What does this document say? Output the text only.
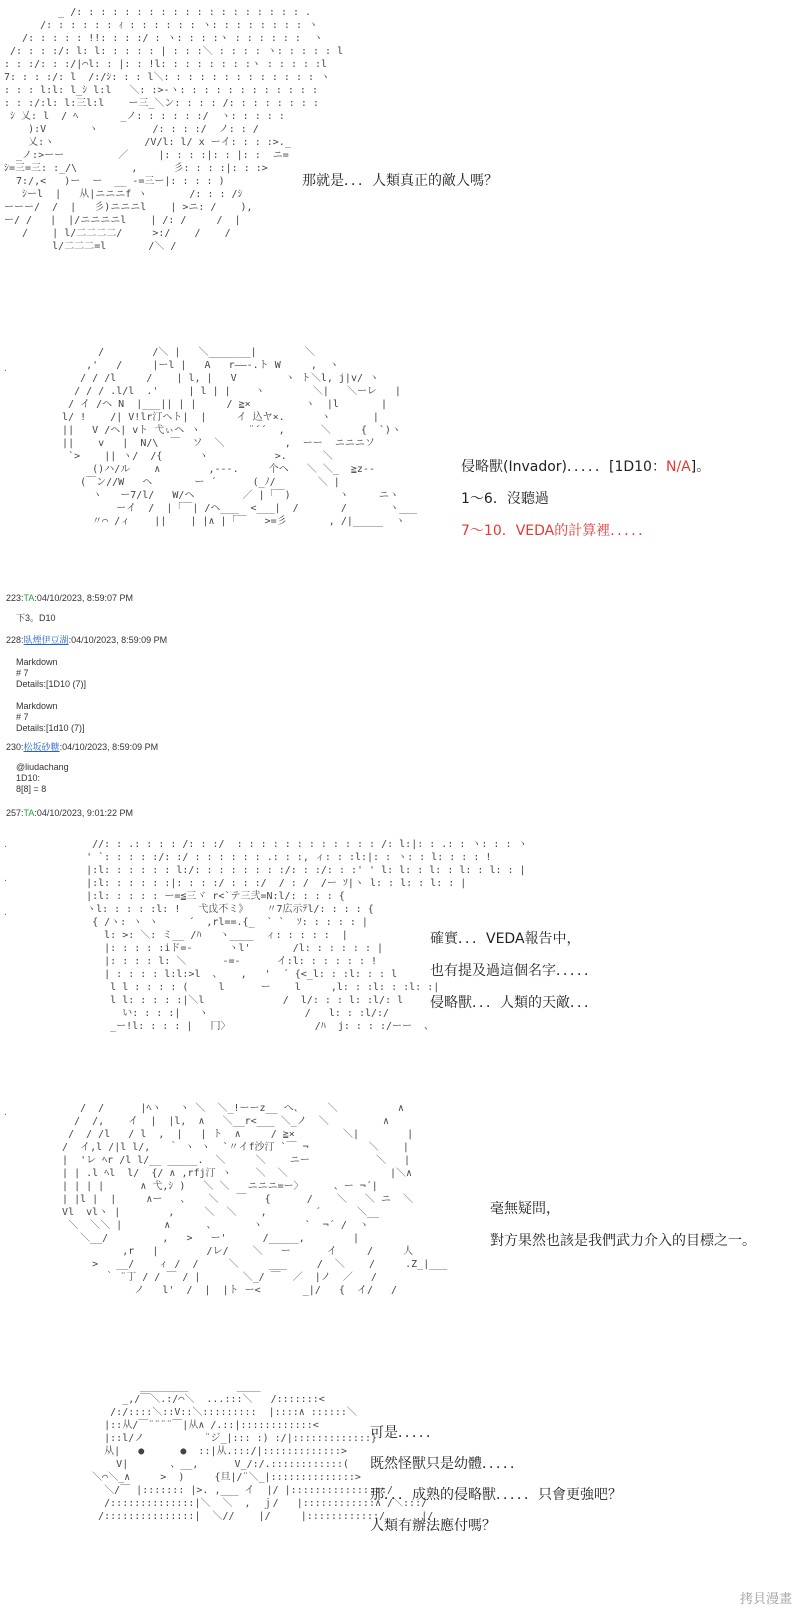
_ /: : : : : : : : : : : : : : : : : : : .
/: : : : : : ｨ : : : : : : ヽ: : : : : : : : ヽ
/: : : : : !!: : : :/ : ヽ: : : :ヽ : : : : : :  ヽ
/: : : :/: l: l: : : : : | : : :＼ : : : : ヽ: : : : : l
: : :/: : :/|⌒l: : |: : !l: : : : : : : :ヽ : : : : :l
7: : : :/: l  /:/ｼ: : : l＼: : : : : : : : : : : : : ヽ
: : : l:l: l_ｼ l:l   ＼: :>-ヽ: : : : : : : : : : : :
: : :/:l: l:三l:l    ー三_＼ン: : : : /: : : : : : : :
ｼ 乂: l  / ﾍ       _ノ: : : : : :/  ヽ: : : : :
):V       ヽ         /: : : :/  ノ: : /
乂:ヽ               /V/l: l/ x ーイ: : : :>._
_ノ:>ーー         ／     |: : : :|: : |: :  ニ=
ｼ=三=三: :_/\         ,      彡: : : :|: : :>
7:/,<   )ー  ー  __ -=三ー|: : : : )
ｼーl  |   从|ニニニf ヽ       /: : : /ｼ
ーーー/  /  |   彡)ニニニl    | >ニ: /    ),
ー/ /   |  |/ニニニニl    | /: /     /  |
/    | l/二二二二/     >:/    /    /
l/二二二=l       /＼ /
那就是．．．人類真正的敵人嗎？
.
/        /＼ |   ＼_______|        ＼
,'   /     |ーl |   A   r――-.ト W     ,  ヽ
/ / /l     /    | l, |   V        ヽ ト＼l, j|v/ ヽ
/ / / .l/l  .'     | l | |    ヽ        ＼|   ＼ーレ   |
/ イ /ヘ N  |___|| | |     / ≧×         ヽ  |l       |
l/ !    /| V!lr汀ヘト|  |     イ 込ヤ×.      ヽ       |
||   V /ヘ| vト 弋ぃヘ ヽ        ¨´´  ,      ＼     {  `)ヽ
||    v   |  N/\  ￣  ソ  ＼          ,  ーー  ニニニソ
`>    || ヽ/  /{      ヽ           >.      ＼
()ハ/ル    ∧        ,---.     个ヘ   ＼ ＼_  ≧z--
(￣ン//W   ヘ       ー ´      (_ﾉ/       ＼ |
ヽ   ー7/l/   W/ヘ        ／ |「￣)        ヽ     ニヽ
ーイ  /  |「￣| /ヘ___  <___|  /       /       ヽ___
〃⌒ /ィ    ||    | |∧ |「￣   >=彡       , /|_____  ヽ
侵略獸(Invador)．．．．．[1D10：N/A]。
1～6．沒聽過
7～10．VEDA的計算裡．．．．．
223:TA:04/10/2023, 8:59:07 PM
下3。D10
228:臥煙伊豆湖:04/10/2023, 8:59:09 PM
Markdown
# 7
Details:[1D10 (7)]

Markdown
# 7
Details:[1d10 (7)]
230:松坂砂糖:04/10/2023, 8:59:09 PM
@liudachang
1D10:
8[8] = 8
257:TA:04/10/2023, 9:01:22 PM
.
.
.
//: : .: : : : /: : :/  : : : : : : : : : : : : /: l:|: : .: : ヽ: : : ヽ
' `: : : : :/: :/ : : : : : : .: : :, ィ: : :l:|: : ヽ: : l: : : : !
|:l: : : : : : l:/: : : : : : : :/: : :/: : :' ' l: l: : l: : l: : l: : |
|:l: : : : : :|: : : :/ : : :/  / : /  /ー ｿ|ヽ l: : l: : l: : |
|:l: : : : : ー=≦三ヾ r<`テ三弐=N:l/: : : : {
ヽl: : : : :l: !   弋戉不ミ》   〃7広示ﾃl/: : : : {
{ /ヽ: ヽ ヽ     ´  ,rl==.{_  ` `  ｿ: : : : : |
l: >: ＼: ミ__ /ﾊ   ヽ____  ィ: : : : :  |
|: : : : :iド=-      ヽl'       /l: : : : : : |
|: : : : l: ＼      -=-      イ:l: : : : : : !
| : : : : l:l:>l  、   ,   '  ´ {<_l: : :l: : : l
l l : : : : (     l      ー    l     ,l: : :l: : :l: :|
l l: : : : :|＼l             /  l/: : : l: :l/: l
い: : : :|   ヽ                /   l: : :l/:/
_ー!l: : : : |   冂〉              /ﾊ  j: : : :/ーー  、
確實．．．VEDA報告中，
也有提及過這個名字．．．．．
侵略獸．．．人類的天敵．．．
.	/  /      |ﾍヽ   ヽ ＼  ＼_!ーーz__ へ、    ＼          ∧
/  /,    イ  |  |l,  ∧   ＼__r<___ ＼_ノ  ＼         ∧
/  / /l   / l  ,  |   | ト  ∧     / ≧×        ＼|        |
/  イ,l /|l l/,   ｀ ヽ ヽ  `〃イf沙汀 `￣ ¬          ＼    |
|  'レ ﾍr /l l/__ _____.  ＼     ＼    ニー           ＼   |
| | .l ﾍl  l/  {/ ∧ ,rfj汀 ヽ    ＼  ＼                 |＼∧
| | | |      ∧ 弋,ｼ )   ＼ ＼   ニニニ=ー〉     、ー ¬´|
| |l |  |     ∧ー   、   ＼   ￣   {      /    ＼   ＼ ニ  ＼
Vl  vlヽ |        ,     ＼  ＼    ,        ´      ＼__
＼  ＼＼ |       ∧      、      ヽ       `  ¬´ /  ヽ
＼__/         ,   >   ー'      /_____,        |
,r   |        /レ/    ＼   ー      イ     /     人
>   __/    ィ /  /     ＼     ___     /  ＼    /     .Z_|___
｀ ¨丁 / / ￣ / |       ＼_/ ￣  ／  |ノ  ／   /
ノ   l'  /  |  |ト ー<       _|/   {  イ/   /
毫無疑問，
對方果然也該是我們武力介入的目標之一。
________        ____
_,/￣＼.:/⌒＼  ...:::＼   /:::::::<
/:/::::＼::V::＼:::::::::  |::::∧ ::::::＼
|::从/￣¨¨¨¨￣|从∧ /.::|::::::::::::<
|::l/ノ          ¨ジ_|::: :) :/|:::::::::::::}
从|   ●      ●  ::|从.:::/|:::::::::::::>
V|       、__,      V_/:/.::::::::::::(
＼⌒＼_∧     >  )     {旦|/¨＼_|::::::::::::::>
＼/￣ |::::::: |>. ,___ イ  |/ |::::::::::::::::/
/::::::::::::::|＼  ＼  ,  ｊ/   |::::::::::::∧ /＼:::/
/:::::::::::::::|  ＼//    |/     |::::::::::::/      |/
可是．．．．．
既然怪獸只是幼體．．．．．
那．．．成熟的侵略獸．．．．．只會更強吧？
人類有辦法應付嗎？
拷貝漫畫
